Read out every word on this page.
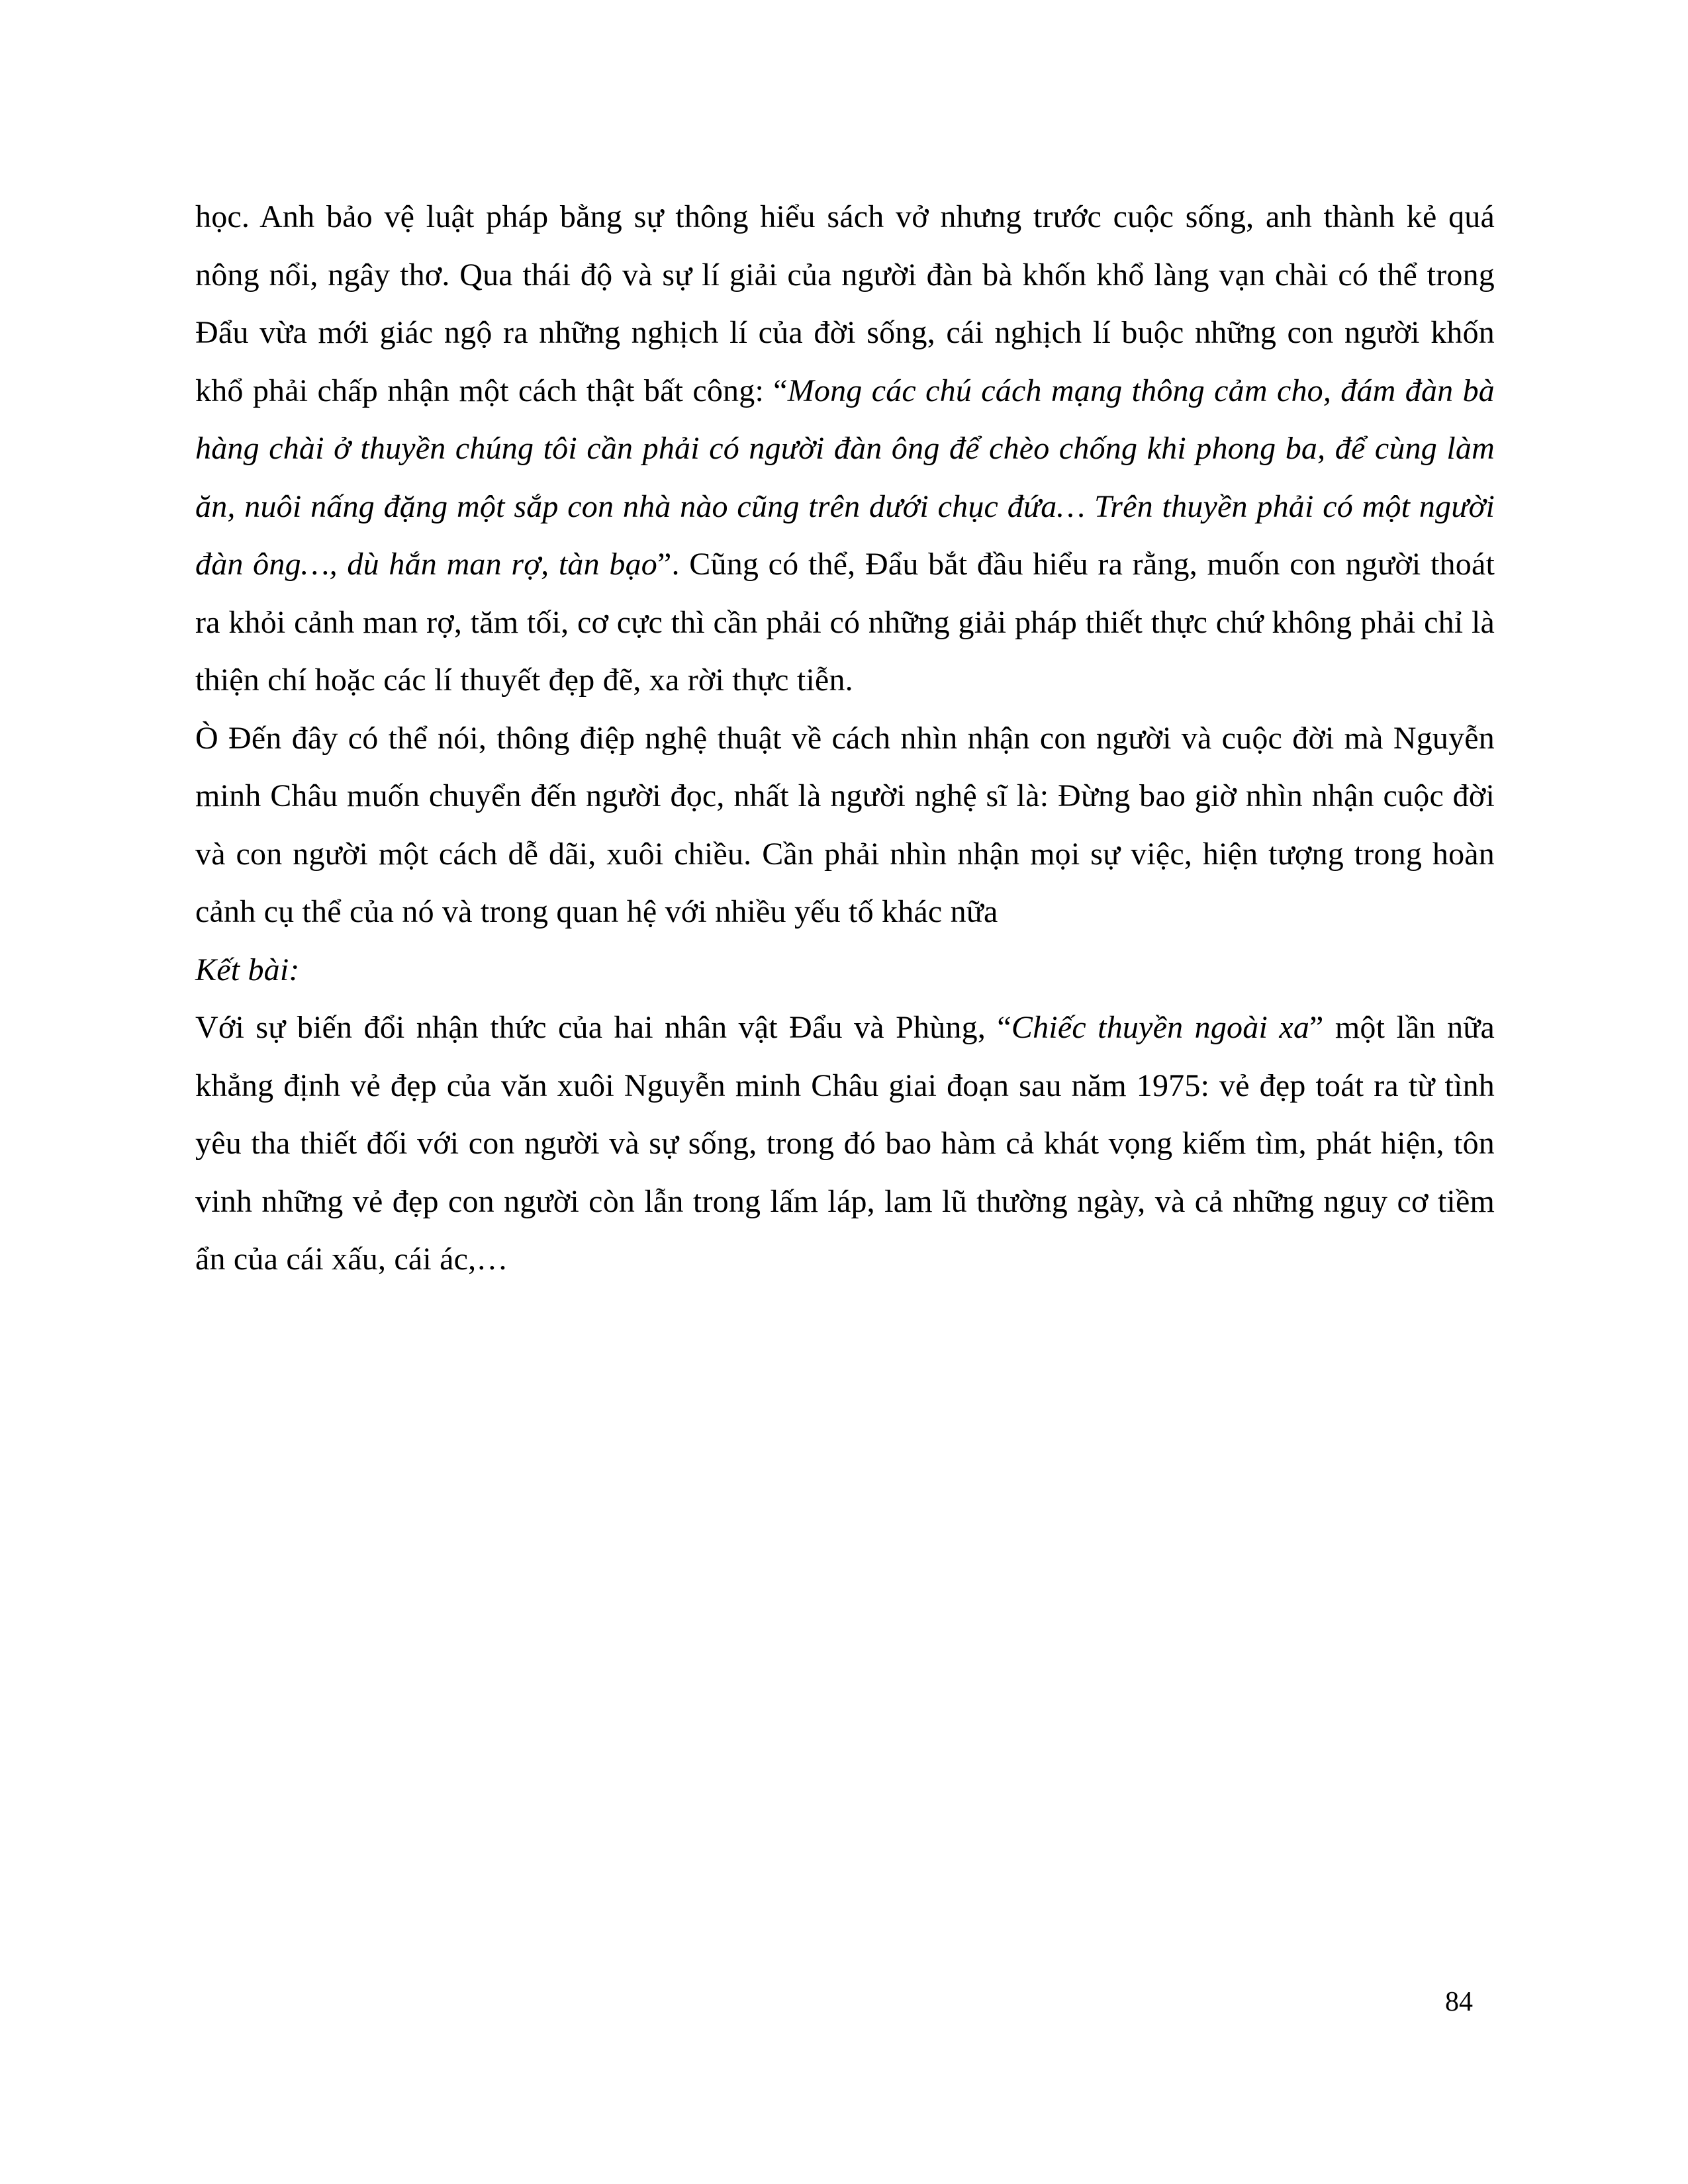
học. Anh bảo vệ luật pháp bằng sự thông hiểu sách vở nhưng trước cuộc sống, anh thành kẻ quá nông nổi, ngây thơ. Qua thái độ và sự lí giải của người đàn bà khốn khổ làng vạn chài có thể trong Đẩu vừa mới giác ngộ ra những nghịch lí của đời sống, cái nghịch lí buộc những con người khốn khổ phải chấp nhận một cách thật bất công: “Mong các chú cách mạng thông cảm cho, đám đàn bà hàng chài ở thuyền chúng tôi cần phải có người đàn ông để chèo chống khi phong ba, để cùng làm ăn, nuôi nấng đặng một sắp con nhà nào cũng trên dưới chục đứa… Trên thuyền phải có một người đàn ông…, dù hắn man rợ, tàn bạo”. Cũng có thể, Đẩu bắt đầu hiểu ra rằng, muốn con người thoát ra khỏi cảnh man rợ, tăm tối, cơ cực thì cần phải có những giải pháp thiết thực chứ không phải chỉ là thiện chí hoặc các lí thuyết đẹp đẽ, xa rời thực tiễn.

Ò Đến đây có thể nói, thông điệp nghệ thuật về cách nhìn nhận con người và cuộc đời mà Nguyễn minh Châu muốn chuyển đến người đọc, nhất là người nghệ sĩ là: Đừng bao giờ nhìn nhận cuộc đời và con người một cách dễ dãi, xuôi chiều. Cần phải nhìn nhận mọi sự việc, hiện tượng trong hoàn cảnh cụ thể của nó và trong quan hệ với nhiều yếu tố khác nữa

Kết bài:

Với sự biến đổi nhận thức của hai nhân vật Đẩu và Phùng, “Chiếc thuyền ngoài xa” một lần nữa khẳng định vẻ đẹp của văn xuôi Nguyễn minh Châu giai đoạn sau năm 1975: vẻ đẹp toát ra từ tình yêu tha thiết đối với con người và sự sống, trong đó bao hàm cả khát vọng kiếm tìm, phát hiện, tôn vinh những vẻ đẹp con người còn lẫn trong lấm láp, lam lũ thường ngày, và cả những nguy cơ tiềm ẩn của cái xấu, cái ác,…

84
